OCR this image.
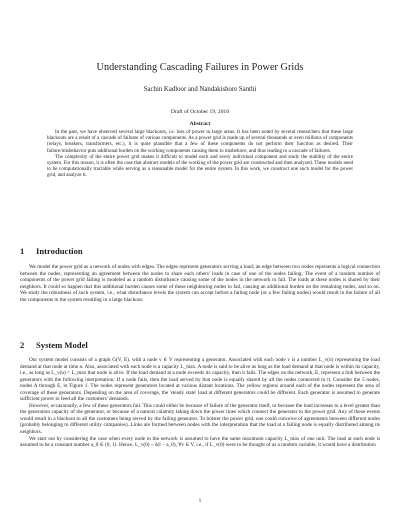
Understanding Cascading Failures in Power Grids
Sachin Kadloor and Nandakishore Santhi
Draft of October 19, 2010
Abstract

In the past, we have observed several large blackouts, i.e. loss of power to large areas. It has been noted by several researchers that these large blackouts are a result of a cascade of failures of various components. As a power grid is made up of several thousands or even millions of components (relays, breakers, transformers, etc.), it is quite plausible that a few of these components do not perform their function as desired. Their failure/misbehavior puts additional burden on the working components causing them to misbehave, and thus leading to a cascade of failures.

The complexity of the entire power grid makes it difficult to model each and every individual component and study the stability of the entire system. For this reason, it is often the case that abstract models of the working of the power grid are constructed and then analyzed. These models need to be computationally tractable while serving as a reasonable model for the entire system. In this work, we construct one such model for the power grid, and analyze it.

1 Introduction

We model the power grid as a network of nodes with edges. The edges represent generators serving a load; an edge between two nodes represents a logical connection between the nodes, representing an agreement between the nodes to share each others' loads in case of one of the nodes failing. The event of a random number of components of the power grid failing is modeled as a random disturbance causing some of the nodes in the network to fail. The loads at these nodes is shared by their neighbors. It could so happen that this additional burden causes some of these neighboring nodes to fail, causing an additional burden on the remaining nodes, and so on. We study the robustness of such system, i.e., what disturbance levels the system can accept before a failing node (or a few failing nodes) would result in the failure of all the components in the system resulting in a large blackout.

2 System Model

Our system model consists of a graph G(V, E), with a node v ∈ V representing a generator. Associated with each node v is a number L_v(n) representing the load demand at that node at time n. Also, associated with each node is a capacity L_max. A node is said to be alive as long as the load demand at that node is within its capacity, i.e., as long as L_v(n) < L_max that node is alive. If the load demand at a node exceeds its capacity, then it fails. The edges on the network, E, represent a link between the generators with the following interpretation: If a node fails, then the load served by that node is equally shared by all the nodes connected to it. Consider the 5 nodes, nodes A through E, in Figure 1. The nodes represent generators located at various distant locations. The yellow regions around each of the nodes represent the area of coverage of these generators. Depending on the area of coverage, the 'steady state' load at different generators could be different. Each generator is assumed to generate sufficient power to feed all the customers' demands.

However, occasionally, a few of these generators fail. This could either be because of failure of the generator itself, or because the load increases to a level greater than the generation capacity of the generator, or because of a natural calamity taking down the power lines which connect the generator to the power grid. Any of these events would result in a blackout to all the customers being served by the failing generator. To bolster the power grid, one could conceive of agreements between different nodes (probably belonging to different utility companies). Links are formed between nodes with the interpretation that the load at a failing node is equally distributed among its neighbors.

We start out by considering the case when every node in the network is assumed to have the same maximum capacity L_max of one unit. The load at each node is assumed to be a constant number a_0 ∈ (0, 1). Hence, L_v(0) ~ δ(l − a_0), ∀v ∈ V, i.e., if L_v(0) were to be thought of as a random variable, it would have a distribution

1
